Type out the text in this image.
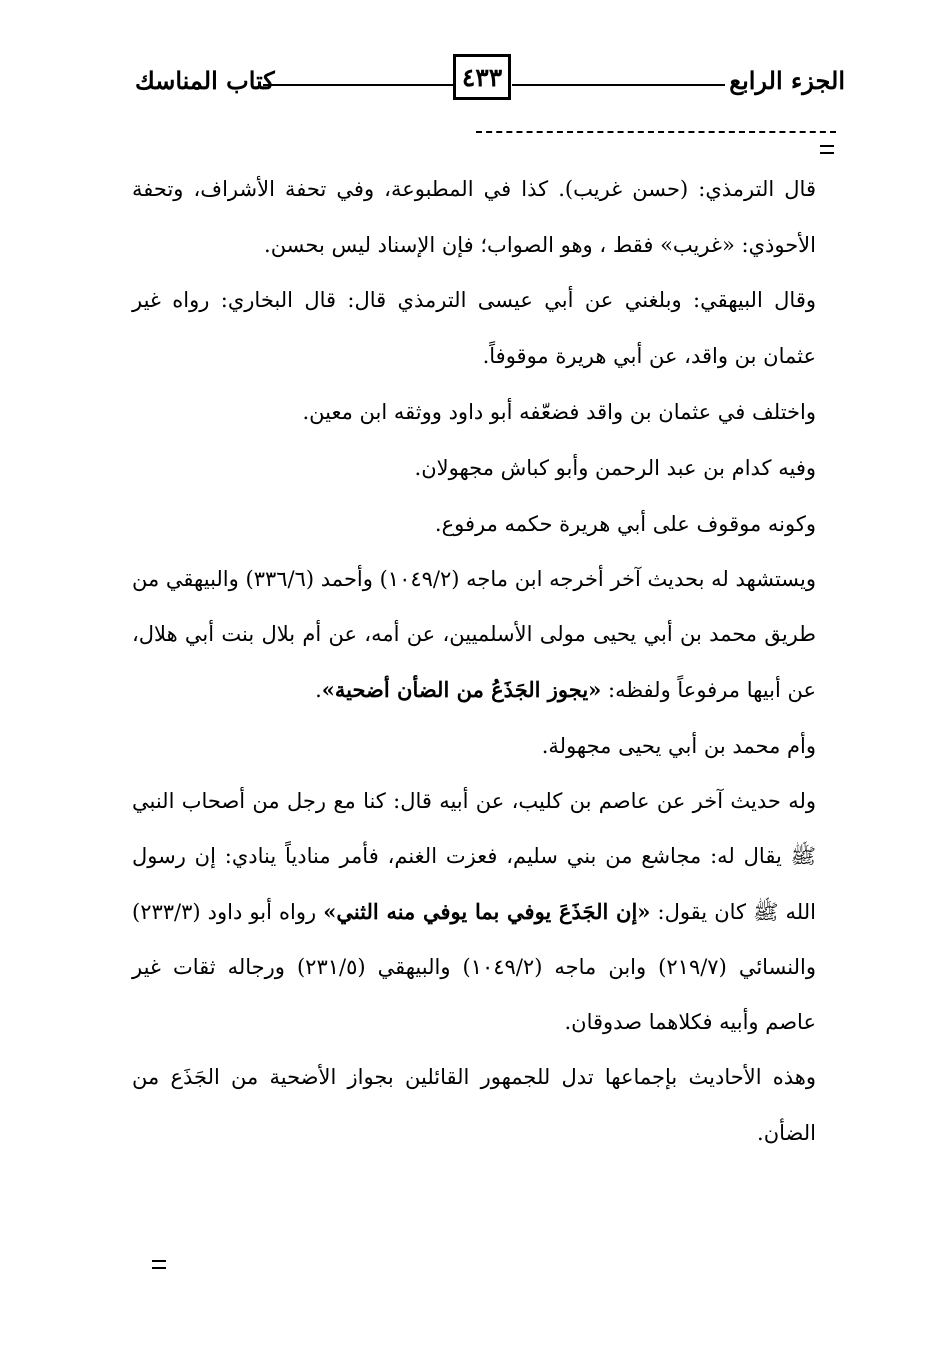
الجزء الرابع
٤٣٣
كتاب المناسك

قال الترمذي: (حسن غريب). كذا في المطبوعة، وفي تحفة الأشراف، وتحفة الأحوذي: «غريب» فقط ، وهو الصواب؛ فإن الإسناد ليس بحسن.

وقال البيهقي: وبلغني عن أبي عيسى الترمذي قال: قال البخاري: رواه غير عثمان بن واقد، عن أبي هريرة موقوفاً.

واختلف في عثمان بن واقد فضعّفه أبو داود ووثقه ابن معين.

وفيه كدام بن عبد الرحمن وأبو كباش مجهولان.

وكونه موقوف على أبي هريرة حكمه مرفوع.

ويستشهد له بحديث آخر أخرجه ابن ماجه (١٠٤٩/٢) وأحمد (٣٣٦/٦) والبيهقي من طريق محمد بن أبي يحيى مولى الأسلميين، عن أمه، عن أم بلال بنت أبي هلال، عن أبيها مرفوعاً ولفظه: «يجوز الجَذَعُ من الضأن أضحية».

وأم محمد بن أبي يحيى مجهولة.

وله حديث آخر عن عاصم بن كليب، عن أبيه قال: كنا مع رجل من أصحاب النبي ﷺ يقال له: مجاشع من بني سليم، فعزت الغنم، فأمر منادياً ينادي: إن رسول الله ﷺ كان يقول: «إن الجَذَعَ يوفي بما يوفي منه الثني» رواه أبو داود (٢٣٣/٣) والنسائي (٢١٩/٧) وابن ماجه (١٠٤٩/٢) والبيهقي (٢٣١/٥) ورجاله ثقات غير عاصم وأبيه فكلاهما صدوقان.

وهذه الأحاديث بإجماعها تدل للجمهور القائلين بجواز الأضحية من الجَذَع من الضأن.
